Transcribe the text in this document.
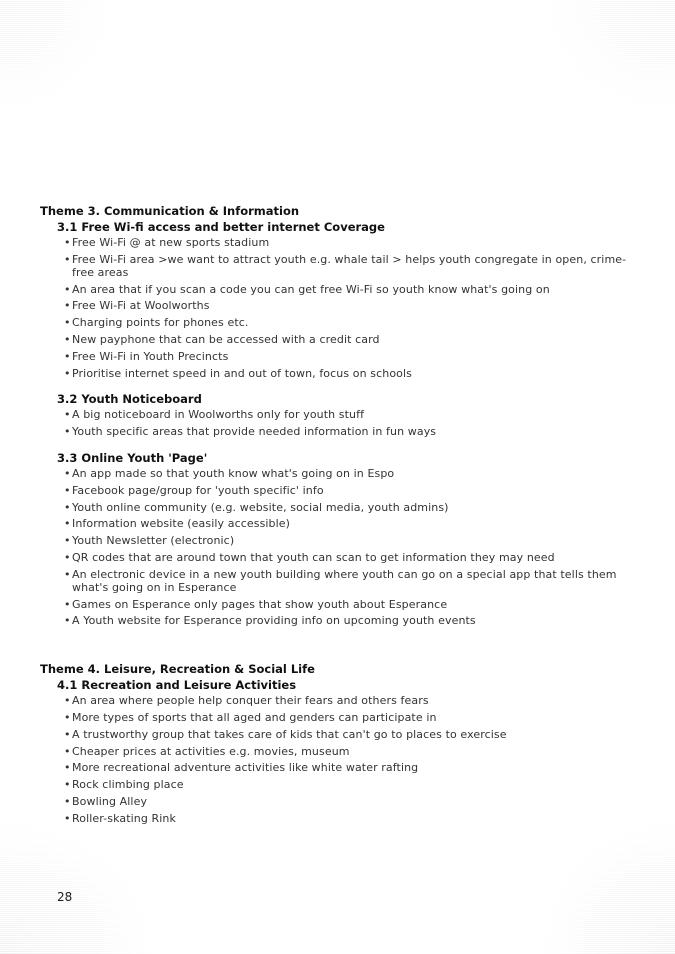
Theme 3. Communication & Information
3.1 Free Wi-fi access and better internet Coverage
• Free Wi-Fi @ at new sports stadium
• Free Wi-Fi area >we want to attract youth e.g. whale tail > helps youth congregate in open, crime-free areas
• An area that if you scan a code you can get free Wi-Fi so youth know what's going on
• Free Wi-Fi at Woolworths
• Charging points for phones etc.
• New payphone that can be accessed with a credit card
• Free Wi-Fi in Youth Precincts
• Prioritise internet speed in and out of town, focus on schools
3.2 Youth Noticeboard
• A big noticeboard in Woolworths only for youth stuff
• Youth specific areas that provide needed information in fun ways
3.3 Online Youth 'Page'
• An app made so that youth know what's going on in Espo
• Facebook page/group for 'youth specific' info
• Youth online community (e.g. website, social media, youth admins)
• Information website (easily accessible)
• Youth Newsletter (electronic)
• QR codes that are around town that youth can scan to get information they may need
• An electronic device in a new youth building where youth can go on a special app that tells them what's going on in Esperance
• Games on Esperance only pages that show youth about Esperance
• A Youth website for Esperance providing info on upcoming youth events
Theme 4. Leisure, Recreation & Social Life
4.1 Recreation and Leisure Activities
• An area where people help conquer their fears and others fears
• More types of sports that all aged and genders can participate in
• A trustworthy group that takes care of kids that can't go to places to exercise
• Cheaper prices at activities e.g. movies, museum
• More recreational adventure activities like white water rafting
• Rock climbing place
• Bowling Alley
• Roller-skating Rink
28
